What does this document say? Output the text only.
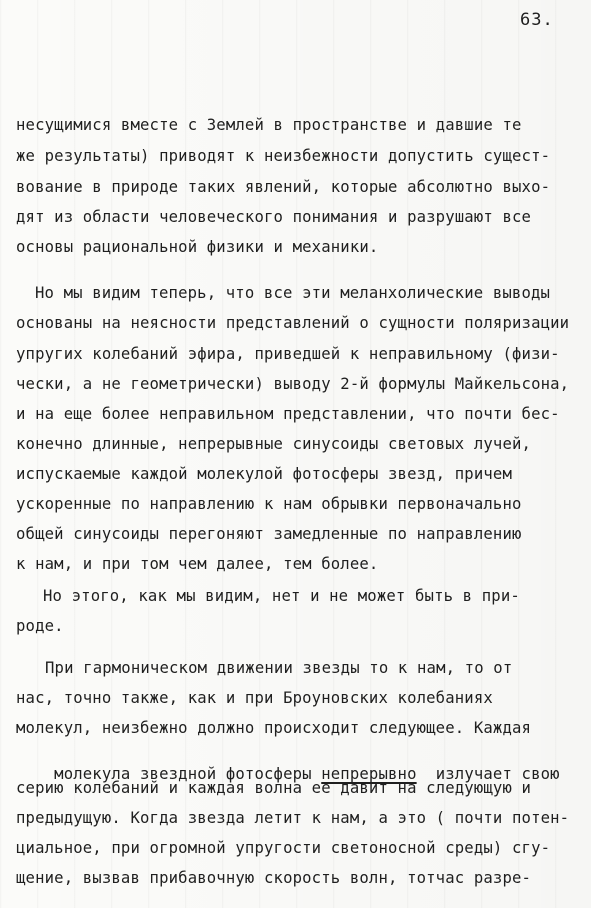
63.
несущимися вместе с Землей в пространстве и давшие те
же результаты) приводят к неизбежности допустить сущест-
вование в природе таких явлений, которые абсолютно выхо-
дят из области человеческого понимания и разрушают все
основы рациональной физики и механики.
Но мы видим теперь, что все эти меланхолические выводы
основаны на неясности представлений о сущности поляризации
упругих колебаний эфира, приведшей к неправильному (физи-
чески, а не геометрически) выводу 2-й формулы Майкельсона,
и на еще более неправильном представлении, что почти бес-
конечно длинные, непрерывные синусоиды световых лучей,
испускаемые каждой молекулой фотосферы звезд, причем
ускоренные по направлению к нам обрывки первоначально
общей синусоиды перегоняют замедленные по направлению
к нам, и при том чем далее, тем более.
Но этого, как мы видим, нет и не может быть в при-
роде.
При гармоническом движении звезды то к нам, то от
нас, точно также, как и при Броуновских колебаниях
молекул, неизбежно должно происходит следующее. Каждая

молекула звездной фотосферы непрерывно  излучает свою

серию колебаний и каждая волна ее давит на следующую и
предыдущую. Когда звезда летит к нам, а это ( почти потен-
циальное, при огромной упругости светоносной среды) сгу-
щение, вызвав прибавочную скорость волн, тотчас разре-
